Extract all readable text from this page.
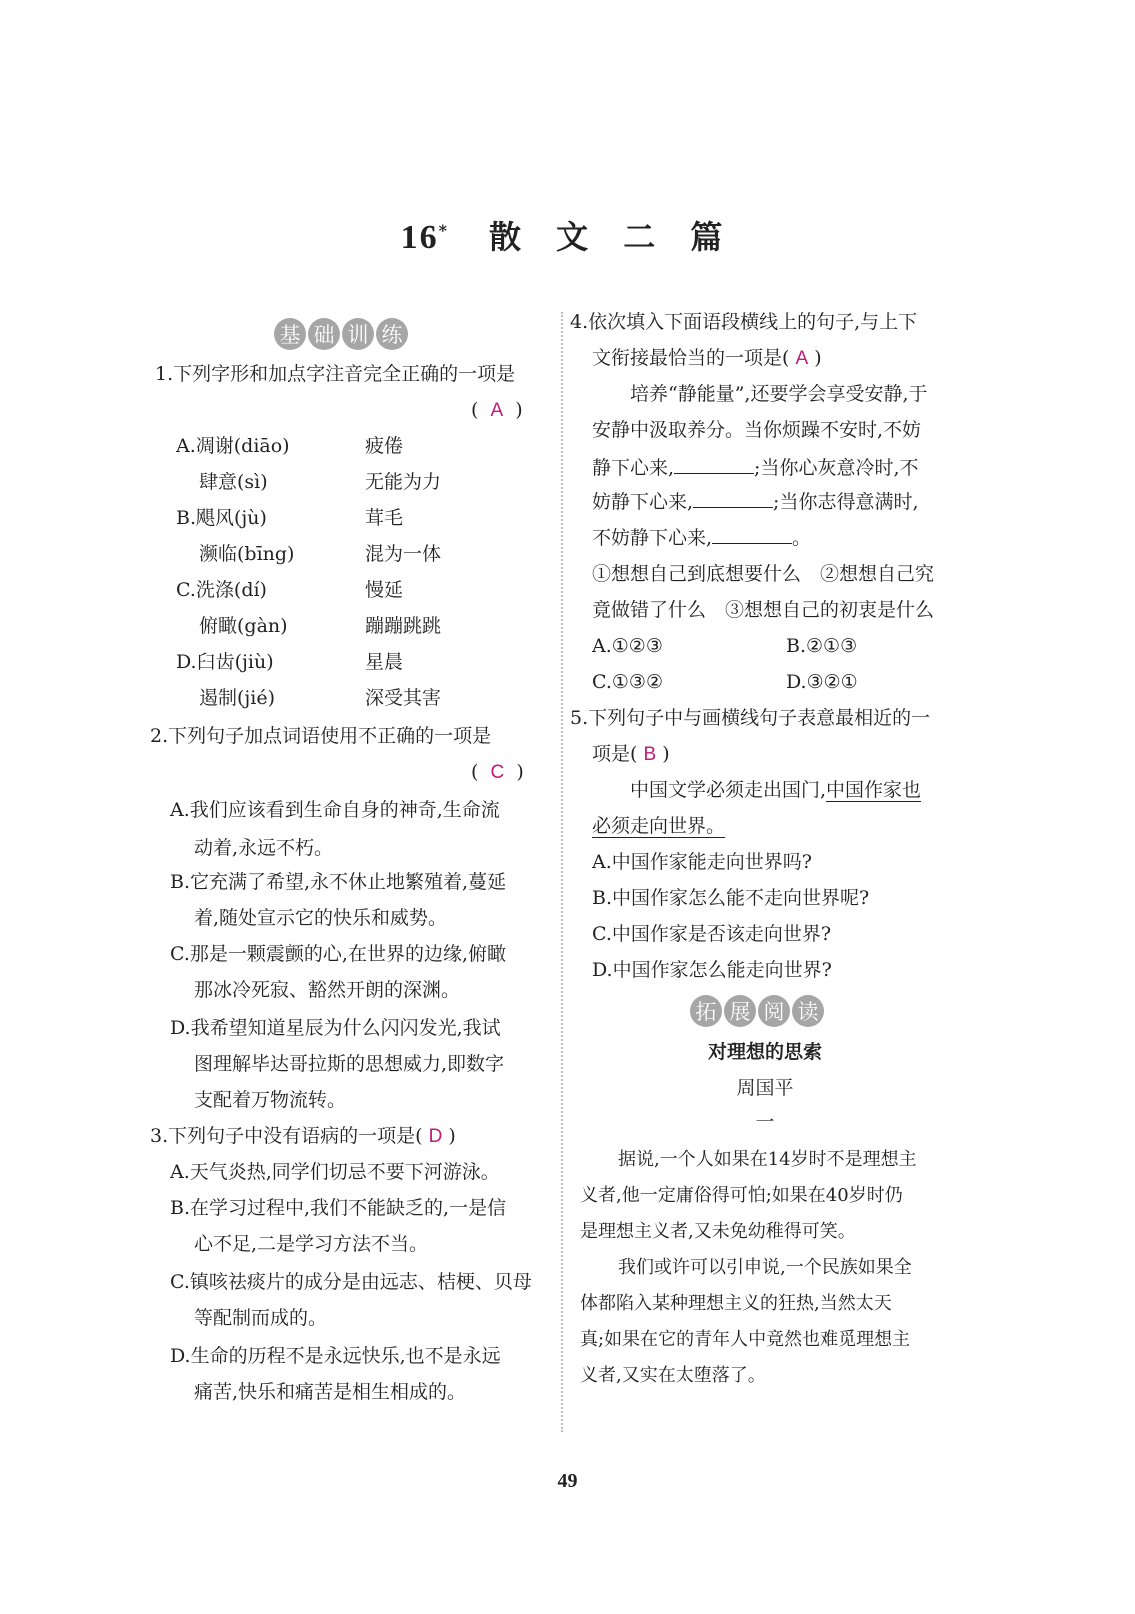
16* 散 文 二 篇
基 础 训 练
1.下列字形和加点字注音完全正确的一项是
(  A  )
A.凋谢(diāo)	疲倦
肆意(sì)	无能为力
B.飓风(jù)	茸毛
濒临(bīng)	混为一体
C.洗涤(dí)	慢延
俯瞰(gàn)	蹦蹦跳跳
D.臼齿(jiù)	星晨
遏制(jié)	深受其害
2.下列句子加点词语使用不正确的一项是
(  C  )
A.我们应该看到生命自身的神奇,生命流
动着,永远不朽。
B.它充满了希望,永不休止地繁殖着,蔓延
着,随处宣示它的快乐和威势。
C.那是一颗震颤的心,在世界的边缘,俯瞰
那冰冷死寂、豁然开朗的深渊。
D.我希望知道星辰为什么闪闪发光,我试
图理解毕达哥拉斯的思想威力,即数字
支配着万物流转。
3.下列句子中没有语病的一项是( D )
A.天气炎热,同学们切忌不要下河游泳。
B.在学习过程中,我们不能缺乏的,一是信
心不足,二是学习方法不当。
C.镇咳祛痰片的成分是由远志、桔梗、贝母
等配制而成的。
D.生命的历程不是永远快乐,也不是永远
痛苦,快乐和痛苦是相生相成的。
4.依次填入下面语段横线上的句子,与上下
文衔接最恰当的一项是( A )
培养“静能量”,还要学会享受安静,于
安静中汲取养分。当你烦躁不安时,不妨
静下心来,	;当你心灰意冷时,不
妨静下心来,	;当你志得意满时,
不妨静下心来,	。
①想想自己到底想要什么　②想想自己究
竟做错了什么　③想想自己的初衷是什么
A.①②③	B.②①③
C.①③②	D.③②①
5.下列句子中与画横线句子表意最相近的一
项是( B )
中国文学必须走出国门,中国作家也
必须走向世界。
A.中国作家能走向世界吗?
B.中国作家怎么能不走向世界呢?
C.中国作家是否该走向世界?
D.中国作家怎么能走向世界?
拓 展 阅 读
对理想的思索
周国平
一
据说,一个人如果在14岁时不是理想主
义者,他一定庸俗得可怕;如果在40岁时仍
是理想主义者,又未免幼稚得可笑。
我们或许可以引申说,一个民族如果全
体都陷入某种理想主义的狂热,当然太天
真;如果在它的青年人中竟然也难觅理想主
义者,又实在太堕落了。
49
